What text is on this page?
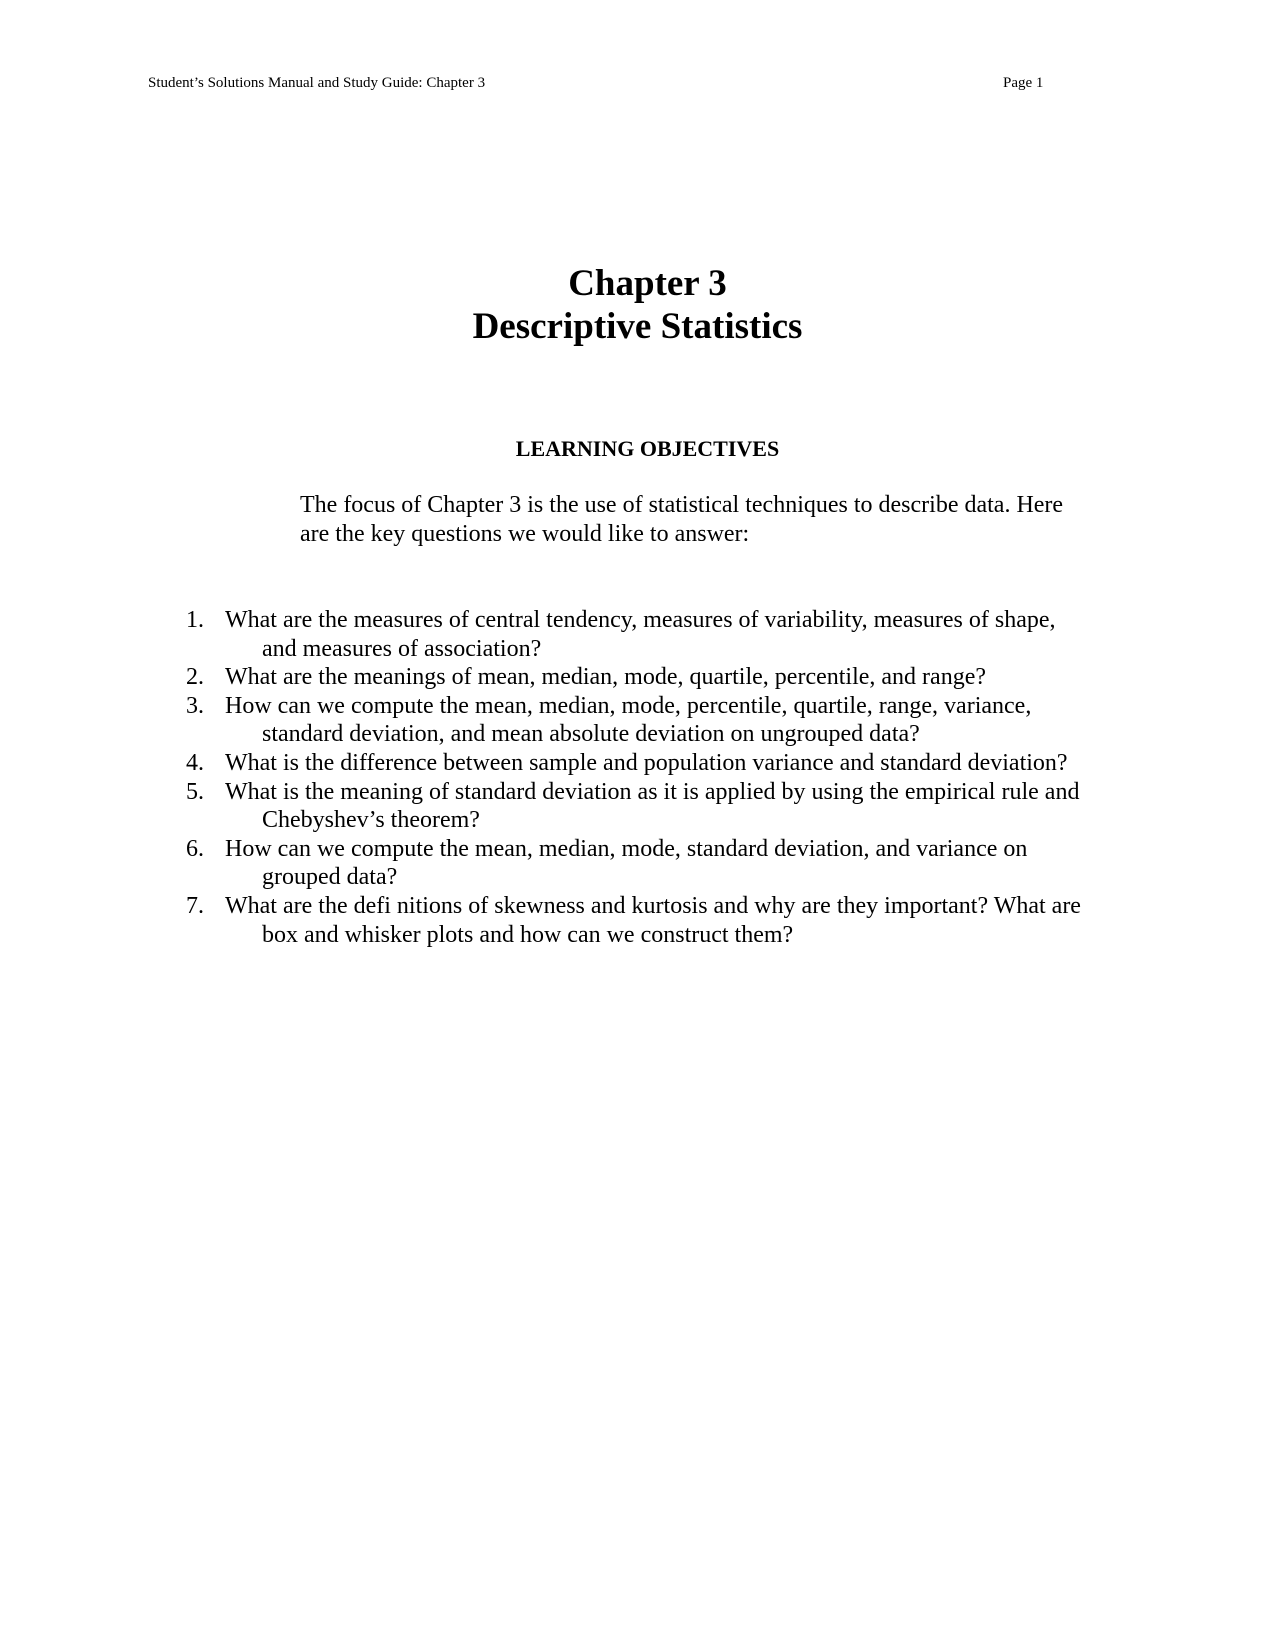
Student’s Solutions Manual and Study Guide: Chapter 3	Page 1
Chapter 3
Descriptive Statistics
LEARNING OBJECTIVES
The focus of Chapter 3 is the use of statistical techniques to describe data. Here
are the key questions we would like to answer:
1. What are the measures of central tendency, measures of variability, measures of shape,
and measures of association?
2. What are the meanings of mean, median, mode, quartile, percentile, and range?
3. How can we compute the mean, median, mode, percentile, quartile, range, variance,
standard deviation, and mean absolute deviation on ungrouped data?
4. What is the difference between sample and population variance and standard deviation?
5. What is the meaning of standard deviation as it is applied by using the empirical rule and
Chebyshev’s theorem?
6. How can we compute the mean, median, mode, standard deviation, and variance on
grouped data?
7. What are the defi nitions of skewness and kurtosis and why are they important? What are
box and whisker plots and how can we construct them?
